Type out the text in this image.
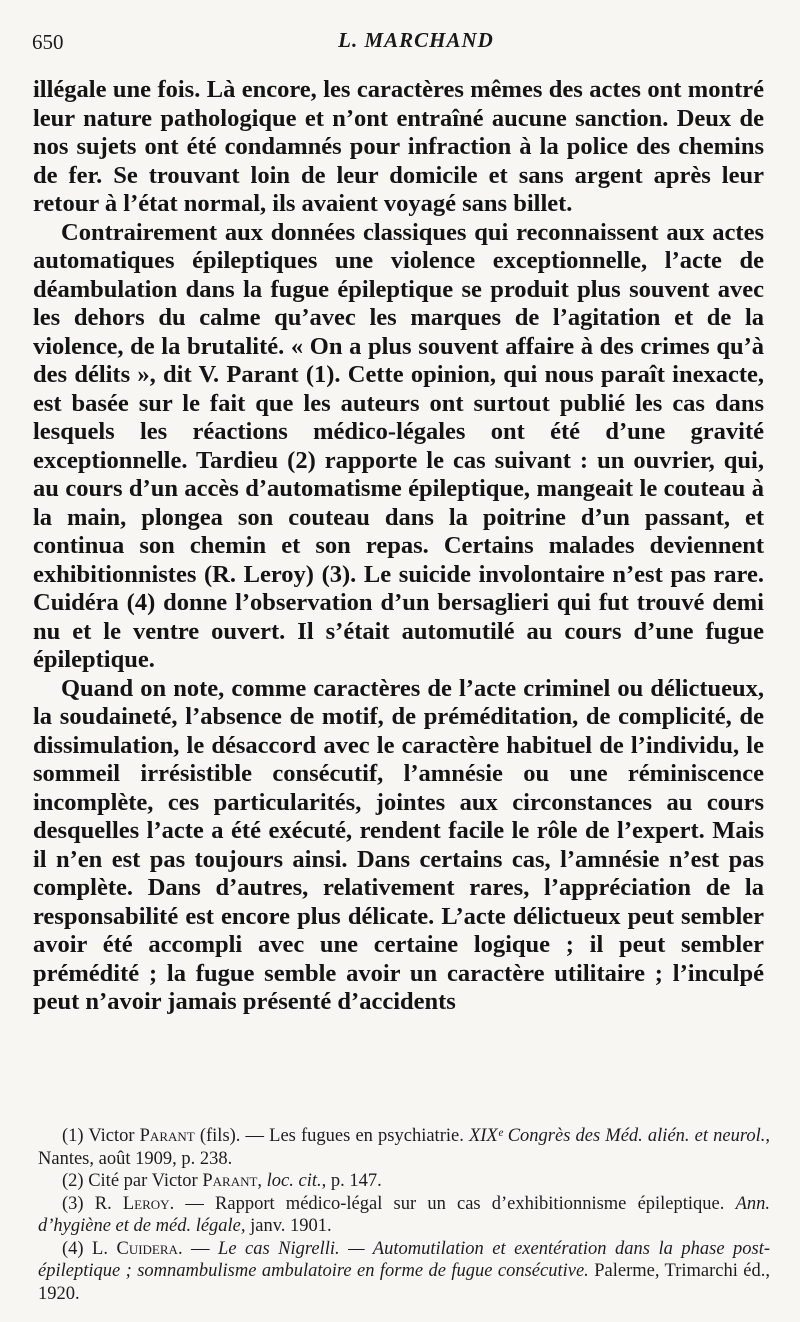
650	L. MARCHAND

illégale une fois. Là encore, les caractères mêmes des actes ont montré leur nature pathologique et n’ont entraîné aucune sanction. Deux de nos sujets ont été condamnés pour infraction à la police des chemins de fer. Se trouvant loin de leur domicile et sans argent après leur retour à l’état normal, ils avaient voyagé sans billet.

Contrairement aux données classiques qui reconnaissent aux actes automatiques épileptiques une violence exceptionnelle, l’acte de déambulation dans la fugue épileptique se produit plus souvent avec les dehors du calme qu’avec les marques de l’agitation et de la violence, de la brutalité. « On a plus souvent affaire à des crimes qu’à des délits », dit V. Parant (1). Cette opinion, qui nous paraît inexacte, est basée sur le fait que les auteurs ont surtout publié les cas dans lesquels les réactions médico-légales ont été d’une gravité exceptionnelle. Tardieu (2) rapporte le cas suivant : un ouvrier, qui, au cours d’un accès d’automatisme épileptique, mangeait le couteau à la main, plongea son couteau dans la poitrine d’un passant, et continua son chemin et son repas. Certains malades deviennent exhibitionnistes (R. Leroy) (3). Le suicide involontaire n’est pas rare. Cuidéra (4) donne l’observation d’un bersaglieri qui fut trouvé demi nu et le ventre ouvert. Il s’était automutilé au cours d’une fugue épileptique.

Quand on note, comme caractères de l’acte criminel ou délictueux, la soudaineté, l’absence de motif, de préméditation, de complicité, de dissimulation, le désaccord avec le caractère habituel de l’individu, le sommeil irrésistible consécutif, l’amnésie ou une réminiscence incomplète, ces particularités, jointes aux circonstances au cours desquelles l’acte a été exécuté, rendent facile le rôle de l’expert. Mais il n’en est pas toujours ainsi. Dans certains cas, l’amnésie n’est pas complète. Dans d’autres, relativement rares, l’appréciation de la responsabilité est encore plus délicate. L’acte délictueux peut sembler avoir été accompli avec une certaine logique ; il peut sembler prémédité ; la fugue semble avoir un caractère utilitaire ; l’inculpé peut n’avoir jamais présenté d’accidents

(1) Victor Parant (fils). — Les fugues en psychiatrie. XIXᵉ Congrès des Méd. alién. et neurol., Nantes, août 1909, p. 238.

(2) Cité par Victor Parant, loc. cit., p. 147.

(3) R. Leroy. — Rapport médico-légal sur un cas d’exhibitionnisme épileptique. Ann. d’hygiène et de méd. légale, janv. 1901.

(4) L. Cuidera. — Le cas Nigrelli. — Automutilation et exentération dans la phase post-épileptique ; somnambulisme ambulatoire en forme de fugue consécutive. Palerme, Trimarchi éd., 1920.
